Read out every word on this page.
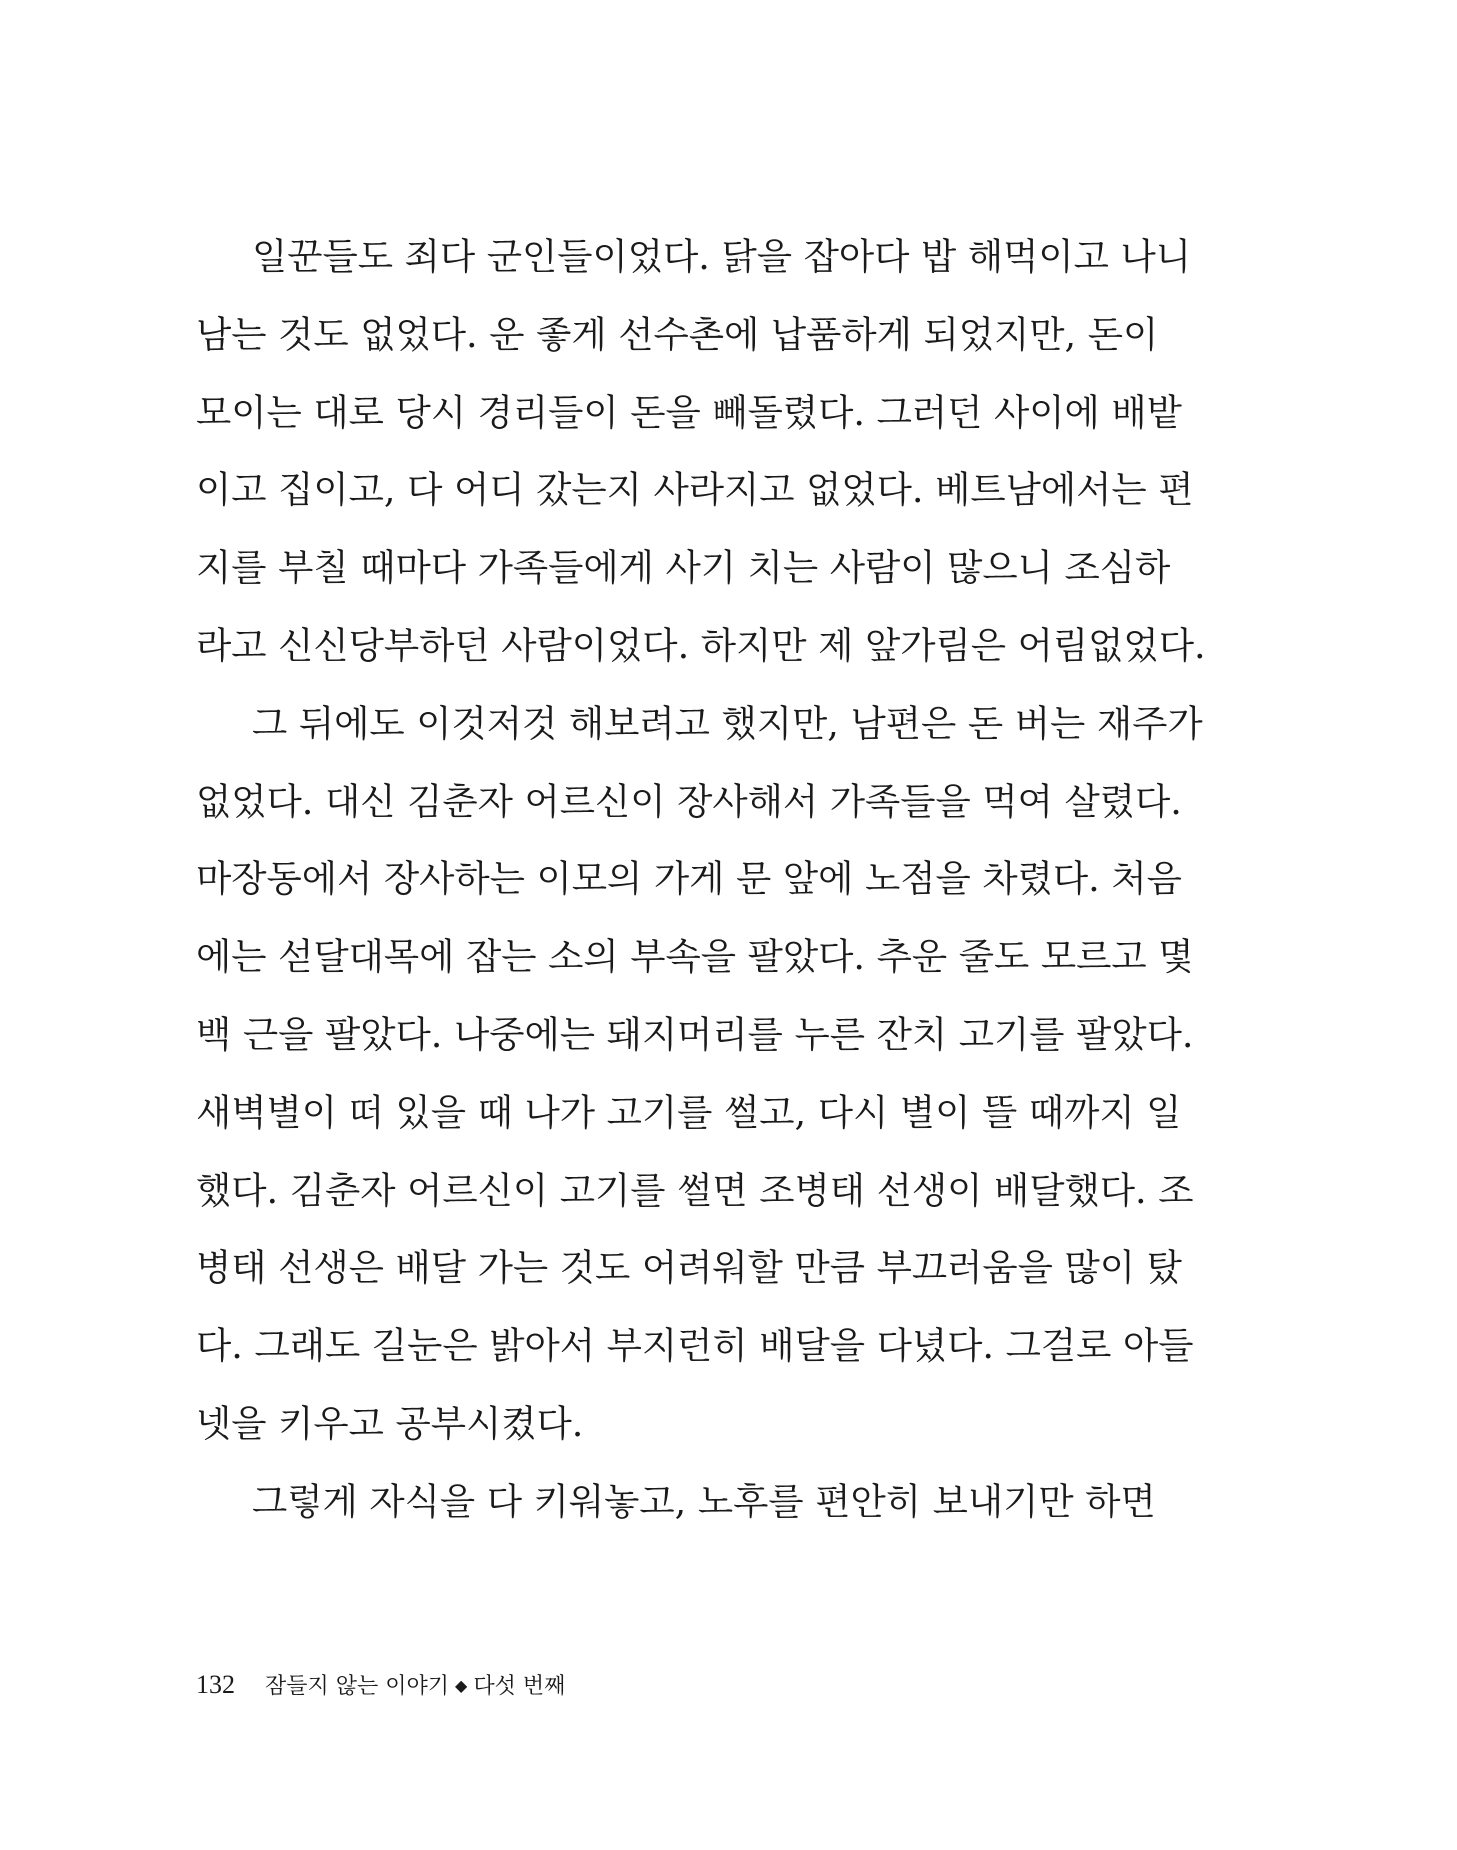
일꾼들도 죄다 군인들이었다. 닭을 잡아다 밥 해먹이고 나니
남는 것도 없었다. 운 좋게 선수촌에 납품하게 되었지만, 돈이
모이는 대로 당시 경리들이 돈을 빼돌렸다. 그러던 사이에 배밭
이고 집이고, 다 어디 갔는지 사라지고 없었다. 베트남에서는 편
지를 부칠 때마다 가족들에게 사기 치는 사람이 많으니 조심하
라고 신신당부하던 사람이었다. 하지만 제 앞가림은 어림없었다.
그 뒤에도 이것저것 해보려고 했지만, 남편은 돈 버는 재주가
없었다. 대신 김춘자 어르신이 장사해서 가족들을 먹여 살렸다.
마장동에서 장사하는 이모의 가게 문 앞에 노점을 차렸다. 처음
에는 섣달대목에 잡는 소의 부속을 팔았다. 추운 줄도 모르고 몇
백 근을 팔았다. 나중에는 돼지머리를 누른 잔치 고기를 팔았다.
새벽별이 떠 있을 때 나가 고기를 썰고, 다시 별이 뜰 때까지 일
했다. 김춘자 어르신이 고기를 썰면 조병태 선생이 배달했다. 조
병태 선생은 배달 가는 것도 어려워할 만큼 부끄러움을 많이 탔
다. 그래도 길눈은 밝아서 부지런히 배달을 다녔다. 그걸로 아들
넷을 키우고 공부시켰다.
그렇게 자식을 다 키워놓고, 노후를 편안히 보내기만 하면
132 잠들지 않는 이야기 ◆ 다섯 번째
